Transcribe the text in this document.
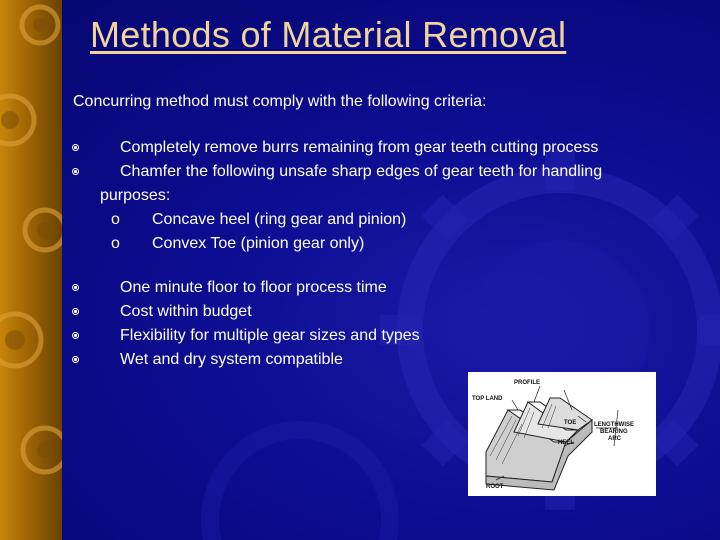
Methods of Material Removal
Concurring method must comply with the following criteria:
Completely remove burrs remaining from gear teeth cutting process
Chamfer the following unsafe sharp edges of gear teeth for handling
purposes:
o Concave heel (ring gear and pinion)
o Convex Toe (pinion gear only)
One minute floor to floor process time
Cost within budget
Flexibility for multiple gear sizes and types
Wet and dry system compatible
PROFILE
TOP LAND
TOE
HEEL
ROOT
LENGTHWISE
BEARING
ARC
